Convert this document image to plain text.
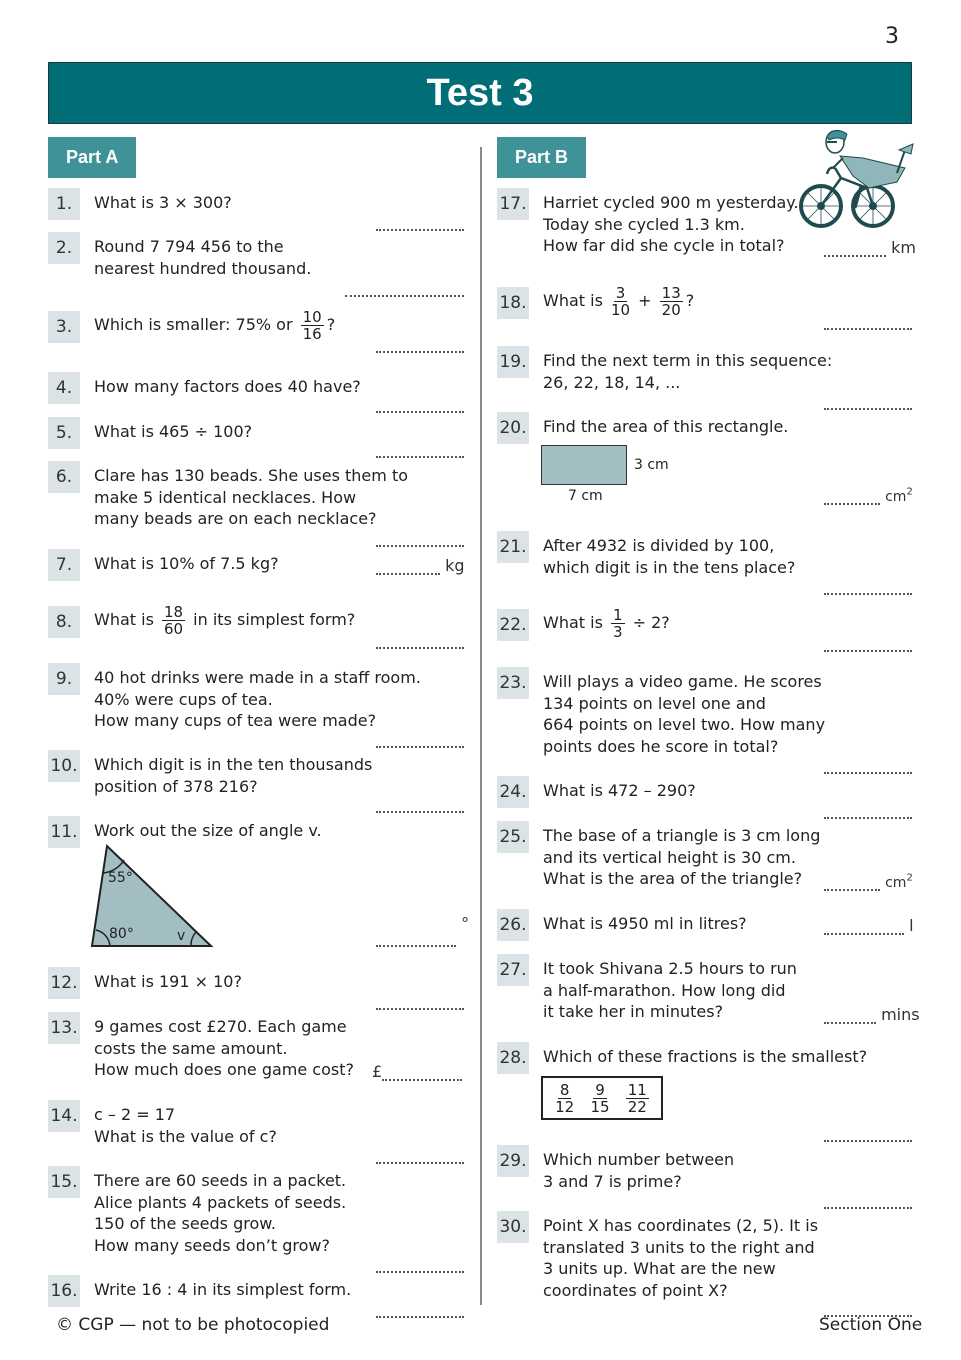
3
Test 3
Part A	Part B
1.	What is 3 × 300?
2.	Round 7 794 456 to the
nearest hundred thousand.
3.	Which is smaller: 75% or $\frac{10}{16}$ ?
4.	How many factors does 40 have?
5.	What is 465 ÷ 100?
6.	Clare has 130 beads. She uses them to
make 5 identical necklaces. How
many beads are on each necklace?
7.	What is 10% of 7.5 kg?	kg
8.	What is $\frac{18}{60}$ in its simplest form?
9.	40 hot drinks were made in a staff room.
40% were cups of tea.
How many cups of tea were made?
10. Which digit is in the ten thousands
position of 378 216?
11. Work out the size of angle v.
55°
80°	v
°
12. What is 191 × 10?
13. 9 games cost £270. Each game
costs the same amount.
How much does one game cost? £
14. c – 2 = 17
What is the value of c?
15. There are 60 seeds in a packet.
Alice plants 4 packets of seeds.
150 of the seeds grow.
How many seeds don’t grow?
16. Write 16 : 4 in its simplest form.
17. Harriet cycled 900 m yesterday.
Today she cycled 1.3 km.
How far did she cycle in total?	km
18. What is $\frac{3}{10} + \frac{13}{20}$ ?
19. Find the next term in this sequence:
26, 22, 18, 14, ...
20. Find the area of this rectangle.
3 cm
7 cm	$cm^2$
21. After 4932 is divided by 100,
which digit is in the tens place?
22. What is $\frac{1}{3} \div 2$?
23. Will plays a video game. He scores
134 points on level one and
664 points on level two. How many
points does he score in total?
24. What is 472 – 290?
25. The base of a triangle is 3 cm long
and its vertical height is 30 cm.
What is the area of the triangle?	$cm^2$
26. What is 4950 ml in litres?	l
27. It took Shivana 2.5 hours to run
a half-marathon. How long did
it take her in minutes?	mins
28. Which of these fractions is the smallest?
$\frac{8}{12} \frac{9}{15} \frac{11}{22}$
29. Which number between
3 and 7 is prime?
30. Point X has coordinates (2, 5). It is
translated 3 units to the right and
3 units up. What are the new
coordinates of point X?
© CGP — not to be photocopied	Section One
